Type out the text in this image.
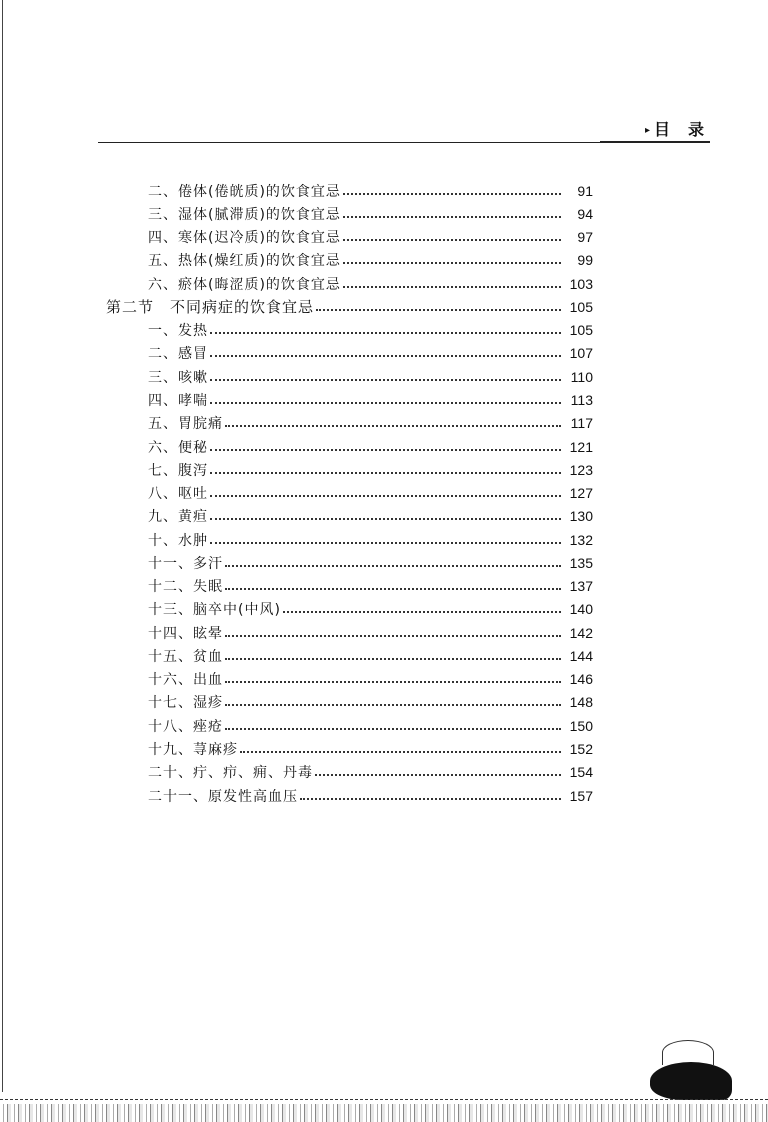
▸ 目 录
二、倦体(倦㿠质)的饮食宜忌	91
三、湿体(腻滞质)的饮食宜忌	94
四、寒体(迟冷质)的饮食宜忌	97
五、热体(燥红质)的饮食宜忌	99
六、瘀体(晦涩质)的饮食宜忌	103
第二节　不同病症的饮食宜忌	105
一、发热	105
二、感冒	107
三、咳嗽	110
四、哮喘	113
五、胃脘痛	117
六、便秘	121
七、腹泻	123
八、呕吐	127
九、黄疸	130
十、水肿	132
十一、多汗	135
十二、失眠	137
十三、脑卒中(中风)	140
十四、眩晕	142
十五、贫血	144
十六、出血	146
十七、湿疹	148
十八、痤疮	150
十九、荨麻疹	152
二十、疔、疖、痈、丹毒	154
二十一、原发性高血压	157
